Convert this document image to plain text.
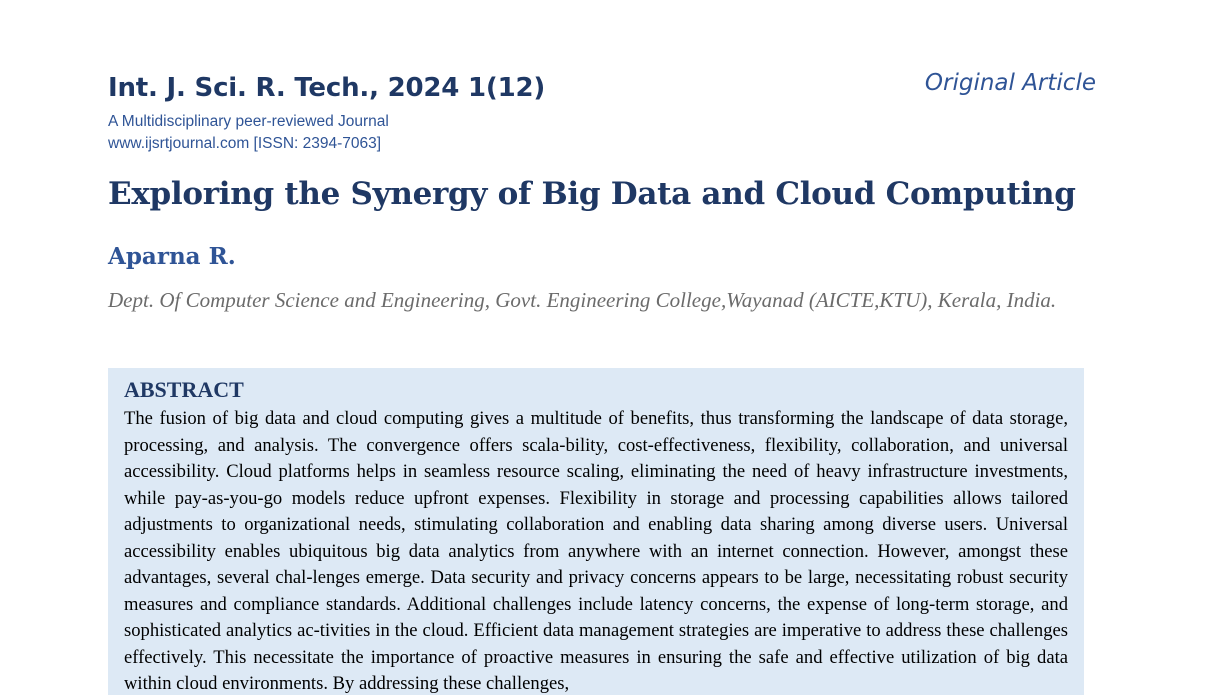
Int. J. Sci. R. Tech., 2024 1(12)	Original Article
A Multidisciplinary peer-reviewed Journal
www.ijsrtjournal.com [ISSN: 2394-7063]
Exploring the Synergy of Big Data and Cloud Computing
Aparna R.
Dept. Of Computer Science and Engineering, Govt. Engineering College,Wayanad (AICTE,KTU), Kerala, India.
ABSTRACT

The fusion of big data and cloud computing gives a multitude of benefits, thus transforming the landscape of data storage, processing, and analysis. The convergence offers scala-bility, cost-effectiveness, flexibility, collaboration, and universal accessibility. Cloud platforms helps in seamless resource scaling, eliminating the need of heavy infrastructure investments, while pay-as-you-go models reduce upfront expenses. Flexibility in storage and processing capabilities allows tailored adjustments to organizational needs, stimulating collaboration and enabling data sharing among diverse users. Universal accessibility enables ubiquitous big data analytics from anywhere with an internet connection. However, amongst these advantages, several chal-lenges emerge. Data security and privacy concerns appears to be large, necessitating robust security measures and compliance standards. Additional challenges include latency concerns, the expense of long-term storage, and sophisticated analytics ac-tivities in the cloud. Efficient data management strategies are imperative to address these challenges effectively. This necessitate the importance of proactive measures in ensuring the safe and effective utilization of big data within cloud environments. By addressing these challenges,
